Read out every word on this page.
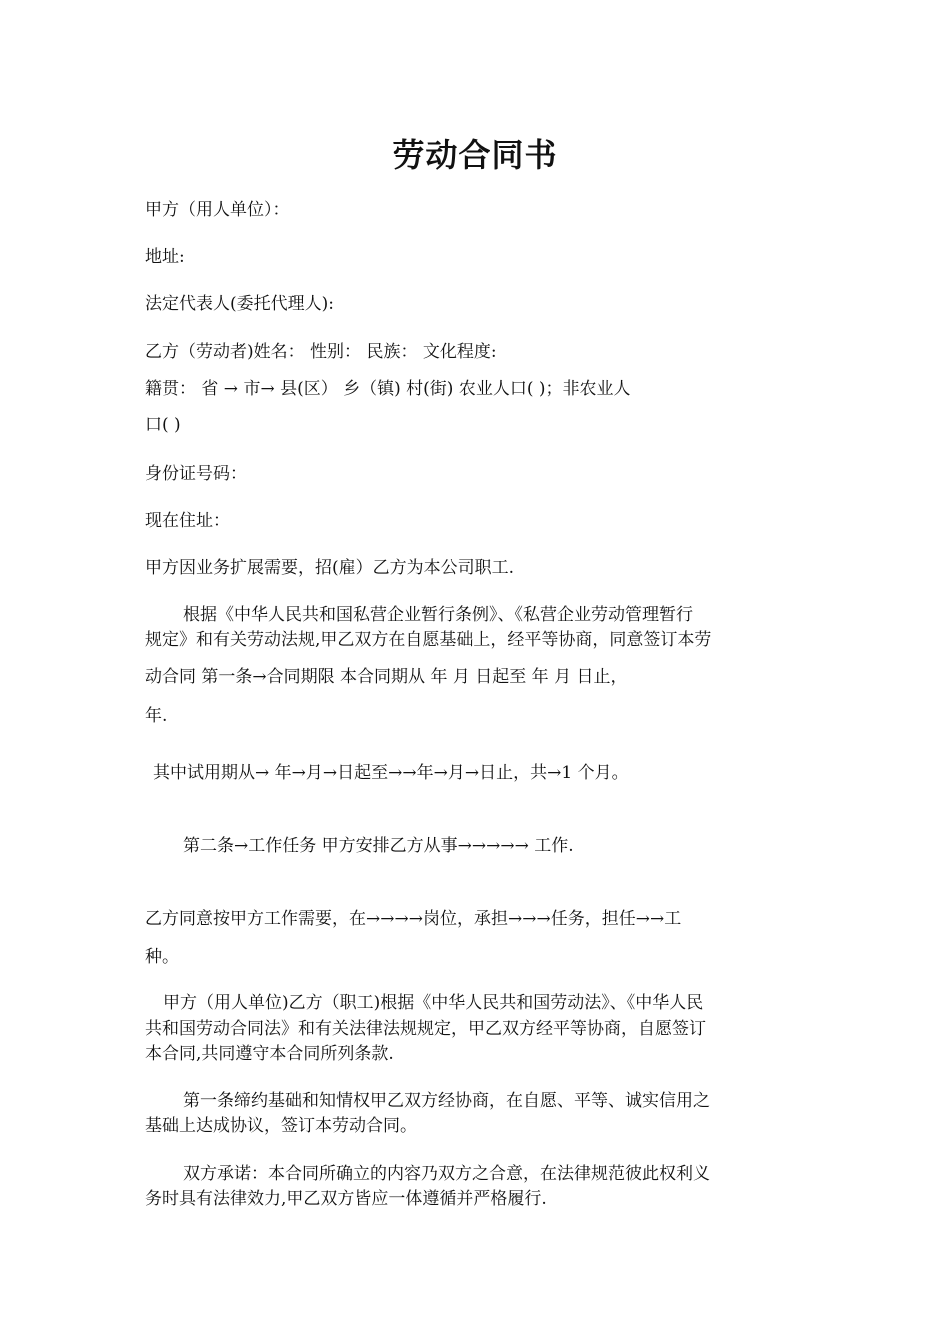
劳动合同书
甲方（用人单位）：
地址:
法定代表人(委托代理人):
乙方（劳动者)姓名： 性别： 民族： 文化程度:
籍贯： 省 → 市→ 县(区） 乡（镇) 村(街) 农业人口( )；非农业人
口( )
身份证号码：
现在住址：
甲方因业务扩展需要，招(雇）乙方为本公司职工.
根据《中华人民共和国私营企业暂行条例》、《私营企业劳动管理暂行
规定》和有关劳动法规,甲乙双方在自愿基础上，经平等协商，同意签订本劳
动合同 第一条→合同期限 本合同期从 年 月 日起至 年 月 日止，
年.
其中试用期从→ 年→月→日起至→→年→月→日止，共→1 个月。
第二条→工作任务 甲方安排乙方从事→→→→→ 工作.
乙方同意按甲方工作需要，在→→→→岗位，承担→→→任务，担任→→工
种。
甲方（用人单位)乙方（职工)根据《中华人民共和国劳动法》、《中华人民
共和国劳动合同法》和有关法律法规规定，甲乙双方经平等协商，自愿签订
本合同,共同遵守本合同所列条款.
第一条缔约基础和知情权甲乙双方经协商，在自愿、平等、诚实信用之
基础上达成协议，签订本劳动合同。
双方承诺：本合同所确立的内容乃双方之合意，在法律规范彼此权利义
务时具有法律效力,甲乙双方皆应一体遵循并严格履行.
